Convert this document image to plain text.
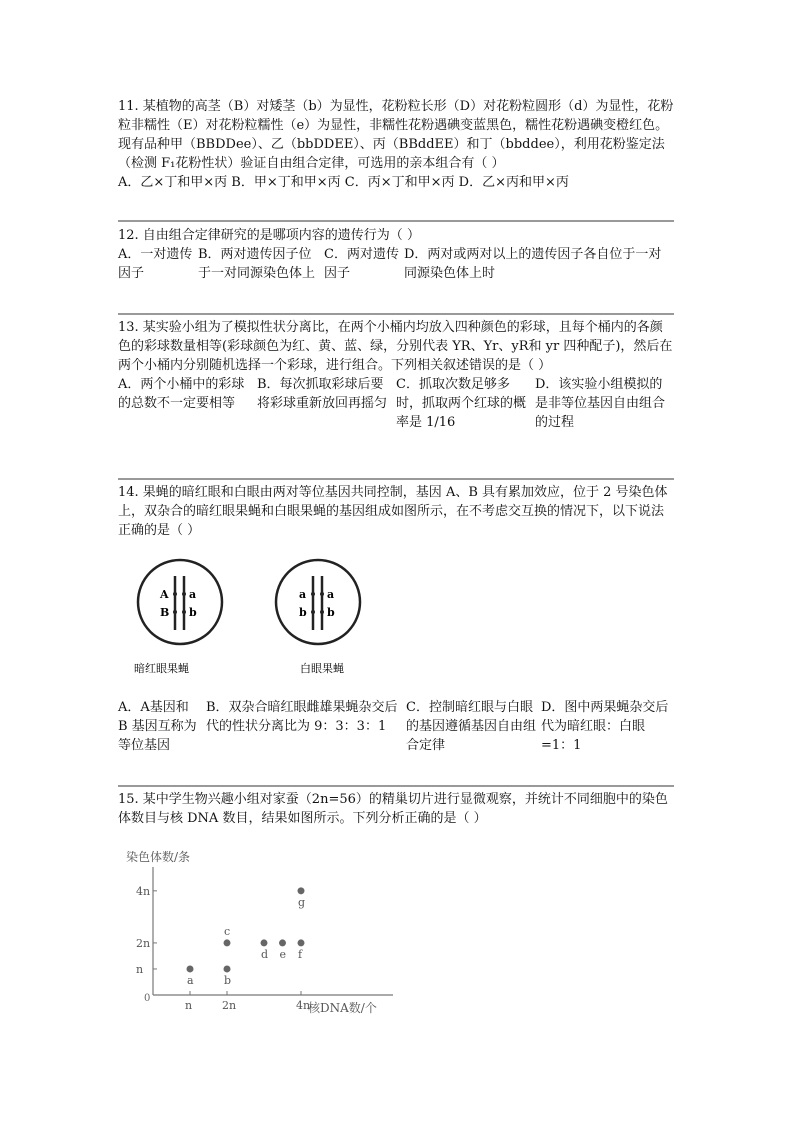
11. 某植物的高茎（B）对矮茎（b）为显性，花粉粒长形（D）对花粉粒圆形（d）为显性，花粉粒非糯性（E）对花粉粒糯性（e）为显性，非糯性花粉遇碘变蓝黑色，糯性花粉遇碘变橙红色。现有品种甲（BBDDee）、乙（bbDDEE）、丙（BBddEE）和丁（bbddee），利用花粉鉴定法（检测 F₁花粉性状）验证自由组合定律，可选用的亲本组合有（ ）

A．乙×丁和甲×丙 B．甲×丁和甲×丙 C．丙×丁和甲×丙 D．乙×丙和甲×丙

12. 自由组合定律研究的是哪项内容的遗传行为（ ）

A．一对遗传因子
B．两对遗传因子位于一对同源染色体上
C．两对遗传因子
D．两对或两对以上的遗传因子各自位于一对同源染色体上时

13. 某实验小组为了模拟性状分离比，在两个小桶内均放入四种颜色的彩球，且每个桶内的各颜色的彩球数量相等(彩球颜色为红、黄、蓝、绿，分别代表 YR、Yr、yR和 yr 四种配子)，然后在两个小桶内分别随机选择一个彩球，进行组合。下列相关叙述错误的是（ ）

A．两个小桶中的彩球的总数不一定要相等
B．每次抓取彩球后要将彩球重新放回再摇匀
C．抓取次数足够多时，抓取两个红球的概率是 1/16
D．该实验小组模拟的是非等位基因自由组合的过程

14. 果蝇的暗红眼和白眼由两对等位基因共同控制，基因 A、B 具有累加效应，位于 2 号染色体上，双杂合的暗红眼果蝇和白眼果蝇的基因组成如图所示，在不考虑交互换的情况下，以下说法正确的是（ ）

A a
B b
暗红眼果蝇
a a
b b
白眼果蝇
A．A基因和 B 基因互称为等位基因
B．双杂合暗红眼雌雄果蝇杂交后代的性状分离比为 9：3：3：1
C．控制暗红眼与白眼的基因遵循基因自由组合定律
D．图中两果蝇杂交后代为暗红眼：白眼=1：1

15. 某中学生物兴趣小组对家蚕（2n=56）的精巢切片进行显微观察，并统计不同细胞中的染色体数目与核 DNA 数目，结果如图所示。下列分析正确的是（ ）

染色体数/条
核DNA数/个
0
n	2n	4n
n
2n
4n
a	b
c
d e f
g
